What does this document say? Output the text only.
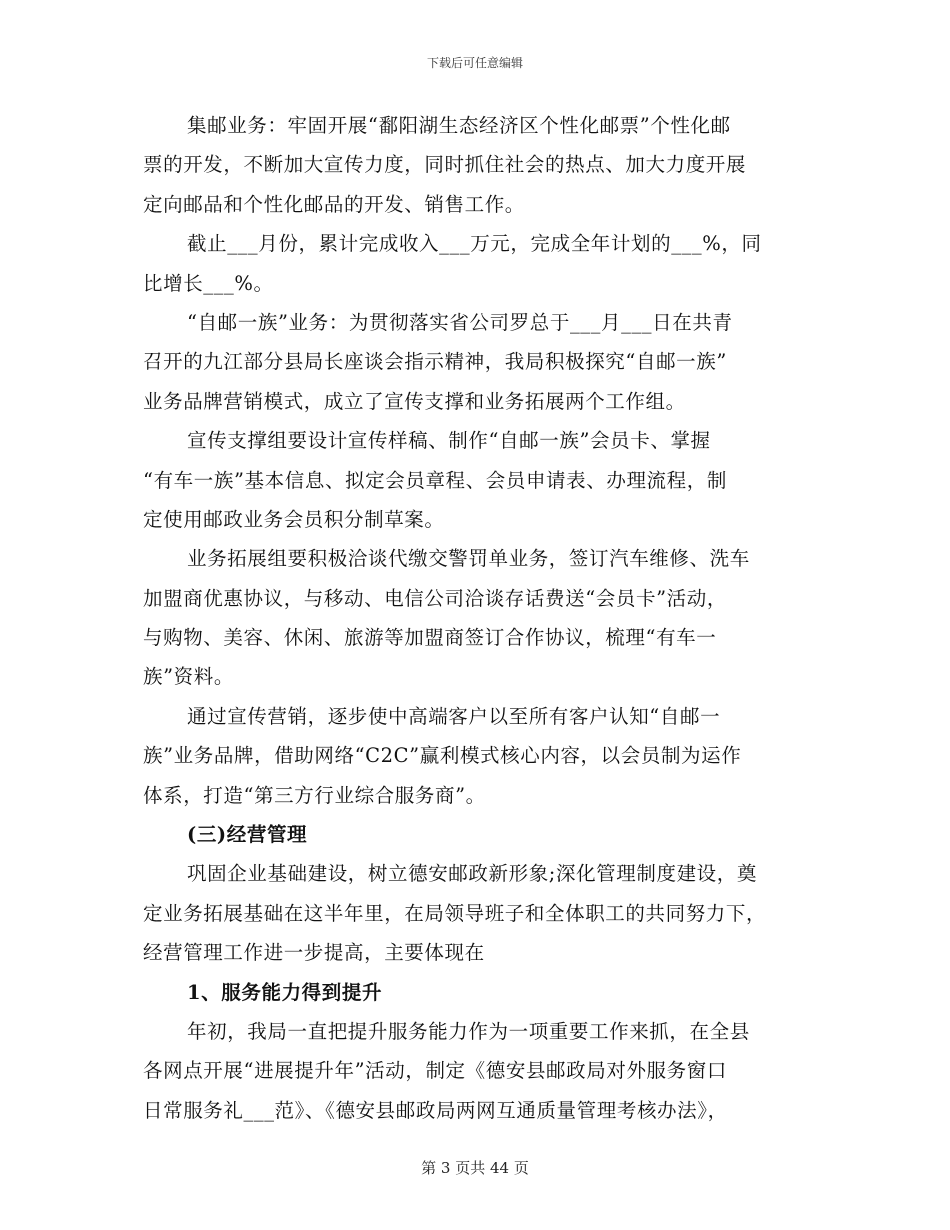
下载后可任意编辑
集邮业务：牢固开展“鄱阳湖生态经济区个性化邮票”个性化邮
票的开发，不断加大宣传力度，同时抓住社会的热点、加大力度开展
定向邮品和个性化邮品的开发、销售工作。
截止___月份，累计完成收入___万元，完成全年计划的___%，同
比增长___%。
“自邮一族”业务：为贯彻落实省公司罗总于___月___日在共青
召开的九江部分县局长座谈会指示精神，我局积极探究“自邮一族”
业务品牌营销模式，成立了宣传支撑和业务拓展两个工作组。
宣传支撑组要设计宣传样稿、制作“自邮一族”会员卡、掌握
“有车一族”基本信息、拟定会员章程、会员申请表、办理流程，制
定使用邮政业务会员积分制草案。
业务拓展组要积极洽谈代缴交警罚单业务，签订汽车维修、洗车
加盟商优惠协议，与移动、电信公司洽谈存话费送“会员卡”活动，
与购物、美容、休闲、旅游等加盟商签订合作协议，梳理“有车一
族”资料。
通过宣传营销，逐步使中高端客户以至所有客户认知“自邮一
族”业务品牌，借助网络“C2C”赢利模式核心内容，以会员制为运作
体系，打造“第三方行业综合服务商”。
(三)经营管理
巩固企业基础建设，树立德安邮政新形象;深化管理制度建设，奠
定业务拓展基础在这半年里，在局领导班子和全体职工的共同努力下，
经营管理工作进一步提高，主要体现在
1、服务能力得到提升
年初，我局一直把提升服务能力作为一项重要工作来抓，在全县
各网点开展“进展提升年”活动，制定《德安县邮政局对外服务窗口
日常服务礼___范》、《德安县邮政局两网互通质量管理考核办法》，
第 3 页共 44 页
